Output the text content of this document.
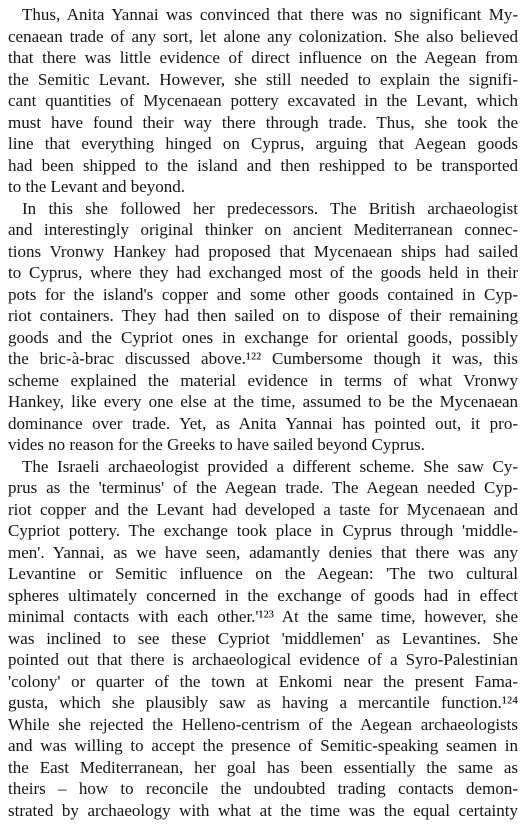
Thus, Anita Yannai was convinced that there was no significant My-
cenaean trade of any sort, let alone any colonization. She also believed
that there was little evidence of direct influence on the Aegean from
the Semitic Levant. However, she still needed to explain the signifi-
cant quantities of Mycenaean pottery excavated in the Levant, which
must have found their way there through trade. Thus, she took the
line that everything hinged on Cyprus, arguing that Aegean goods
had been shipped to the island and then reshipped to be transported
to the Levant and beyond.
In this she followed her predecessors. The British archaeologist
and interestingly original thinker on ancient Mediterranean connec-
tions Vronwy Hankey had proposed that Mycenaean ships had sailed
to Cyprus, where they had exchanged most of the goods held in their
pots for the island's copper and some other goods contained in Cyp-
riot containers. They had then sailed on to dispose of their remaining
goods and the Cypriot ones in exchange for oriental goods, possibly
the bric-à-brac discussed above.¹²² Cumbersome though it was, this
scheme explained the material evidence in terms of what Vronwy
Hankey, like every one else at the time, assumed to be the Mycenaean
dominance over trade. Yet, as Anita Yannai has pointed out, it pro-
vides no reason for the Greeks to have sailed beyond Cyprus.
The Israeli archaeologist provided a different scheme. She saw Cy-
prus as the 'terminus' of the Aegean trade. The Aegean needed Cyp-
riot copper and the Levant had developed a taste for Mycenaean and
Cypriot pottery. The exchange took place in Cyprus through 'middle-
men'. Yannai, as we have seen, adamantly denies that there was any
Levantine or Semitic influence on the Aegean: 'The two cultural
spheres ultimately concerned in the exchange of goods had in effect
minimal contacts with each other.'¹²³ At the same time, however, she
was inclined to see these Cypriot 'middlemen' as Levantines. She
pointed out that there is archaeological evidence of a Syro-Palestinian
'colony' or quarter of the town at Enkomi near the present Fama-
gusta, which she plausibly saw as having a mercantile function.¹²⁴
While she rejected the Helleno-centrism of the Aegean archaeologists
and was willing to accept the presence of Semitic-speaking seamen in
the East Mediterranean, her goal has been essentially the same as
theirs – how to reconcile the undoubted trading contacts demon-
strated by archaeology with what at the time was the equal certainty
